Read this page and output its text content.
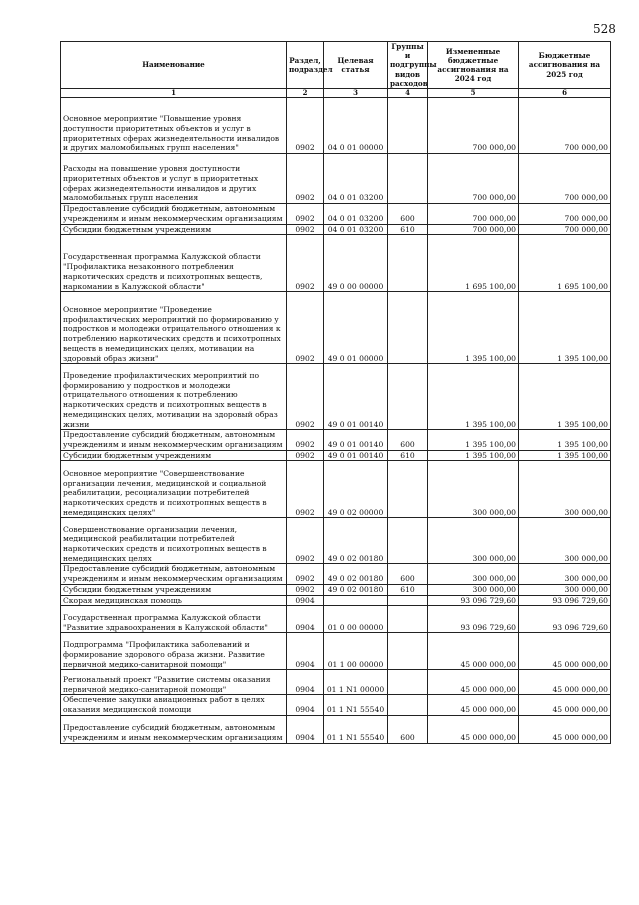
528
Наименование	Раздел, подраздел	Целевая статья	Группы и подгруппы видов расходов	Измененные бюджетные ассигнования на 2024 год	Бюджетные ассигнования на 2025 год
1	2	3	4	5	6
Основное мероприятие "Повышение уровня доступности приоритетных объектов и услуг в приоритетных сферах жизнедеятельности инвалидов и других маломобильных групп населения"	0902	04 0 01 00000		700 000,00	700 000,00
Расходы на повышение уровня доступности приоритетных объектов и услуг в приоритетных сферах жизнедеятельности инвалидов и других маломобильных групп населения	0902	04 0 01 03200		700 000,00	700 000,00
Предоставление субсидий бюджетным, автономным учреждениям и иным некоммерческим организациям	0902	04 0 01 03200	600	700 000,00	700 000,00
Субсидии бюджетным учреждениям	0902	04 0 01 03200	610	700 000,00	700 000,00
Государственная программа Калужской области "Профилактика незаконного потребления наркотических средств и психотропных веществ, наркомании в Калужской области"	0902	49 0 00 00000		1 695 100,00	1 695 100,00
Основное мероприятие "Проведение профилактических мероприятий по формированию у подростков и молодежи отрицательного отношения к потреблению наркотических средств и психотропных веществ в немедицинских целях, мотивации на здоровый образ жизни"	0902	49 0 01 00000		1 395 100,00	1 395 100,00
Проведение профилактических мероприятий по формированию у подростков и молодежи отрицательного отношения к потреблению наркотических средств и психотропных веществ в немедицинских целях, мотивации на здоровый образ жизни	0902	49 0 01 00140		1 395 100,00	1 395 100,00
Предоставление субсидий бюджетным, автономным учреждениям и иным некоммерческим организациям	0902	49 0 01 00140	600	1 395 100,00	1 395 100,00
Субсидии бюджетным учреждениям	0902	49 0 01 00140	610	1 395 100,00	1 395 100,00
Основное мероприятие "Совершенствование организации лечения, медицинской и социальной реабилитации, ресоциализации потребителей наркотических средств и психотропных веществ в немедицинских целях"	0902	49 0 02 00000		300 000,00	300 000,00
Совершенствование организации лечения, медицинской реабилитации потребителей наркотических средств и психотропных веществ в немедицинских целях	0902	49 0 02 00180		300 000,00	300 000,00
Предоставление субсидий бюджетным, автономным учреждениям и иным некоммерческим организациям	0902	49 0 02 00180	600	300 000,00	300 000,00
Субсидии бюджетным учреждениям	0902	49 0 02 00180	610	300 000,00	300 000,00
Скорая медицинская помощь	0904			93 096 729,60	93 096 729,60
Государственная программа Калужской области "Развитие здравоохранения в Калужской области"	0904	01 0 00 00000		93 096 729,60	93 096 729,60
Подпрограмма "Профилактика заболеваний и формирование здорового образа жизни. Развитие первичной медико-санитарной помощи"	0904	01 1 00 00000		45 000 000,00	45 000 000,00
Региональный проект "Развитие системы оказания первичной медико-санитарной помощи"	0904	01 1 N1 00000		45 000 000,00	45 000 000,00
Обеспечение закупки авиационных работ в целях оказания медицинской помощи	0904	01 1 N1 55540		45 000 000,00	45 000 000,00
Предоставление субсидий бюджетным, автономным учреждениям и иным некоммерческим организациям	0904	01 1 N1 55540	600	45 000 000,00	45 000 000,00
